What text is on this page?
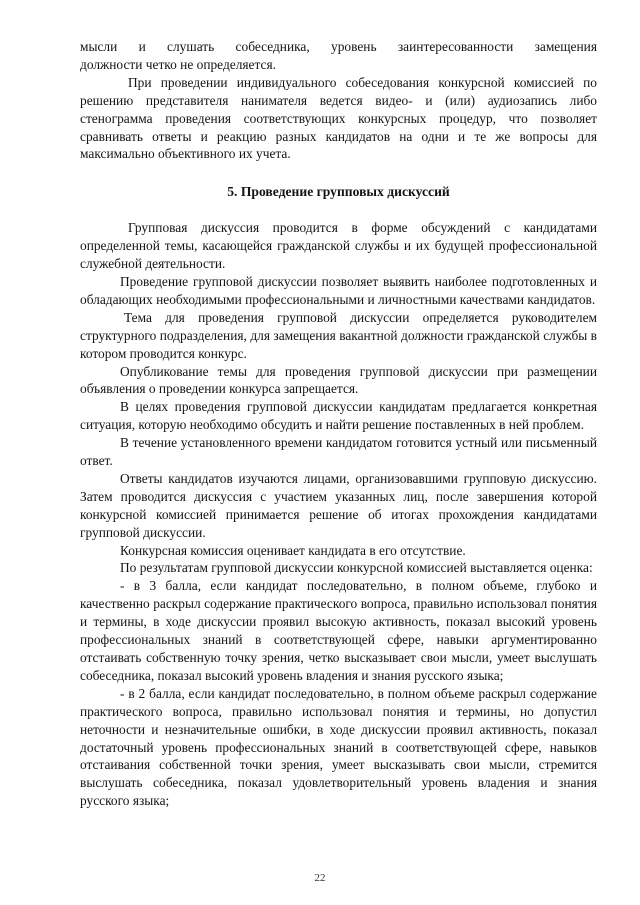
мысли и слушать собеседника, уровень заинтересованности замещения

должности четко не определяется.

При проведении индивидуального собеседования конкурсной комиссией по решению представителя нанимателя ведется видео- и (или) аудиозапись либо стенограмма проведения соответствующих конкурсных процедур, что позволяет сравнивать ответы и реакцию разных кандидатов на одни и те же вопросы для максимально объективного их учета.

5. Проведение групповых дискуссий

Групповая дискуссия проводится в форме обсуждений с кандидатами определенной темы, касающейся гражданской службы и их будущей профессиональной служебной деятельности.

Проведение групповой дискуссии позволяет выявить наиболее подготовленных и обладающих необходимыми профессиональными и личностными качествами кандидатов.

Тема для проведения групповой дискуссии определяется руководителем структурного подразделения, для замещения вакантной должности гражданской службы в котором проводится конкурс.

Опубликование темы для проведения групповой дискуссии при размещении объявления о проведении конкурса запрещается.

В целях проведения групповой дискуссии кандидатам предлагается конкретная ситуация, которую необходимо обсудить и найти решение поставленных в ней проблем.

В течение установленного времени кандидатом готовится устный или письменный ответ.

Ответы кандидатов изучаются лицами, организовавшими групповую дискуссию. Затем проводится дискуссия с участием указанных лиц, после завершения которой конкурсной комиссией принимается решение об итогах прохождения кандидатами групповой дискуссии.

Конкурсная комиссия оценивает кандидата в его отсутствие.

По результатам групповой дискуссии конкурсной комиссией выставляется оценка:

- в 3 балла, если кандидат последовательно, в полном объеме, глубоко и качественно раскрыл содержание практического вопроса, правильно использовал понятия и термины, в ходе дискуссии проявил высокую активность, показал высокий уровень профессиональных знаний в соответствующей сфере, навыки аргументированно отстаивать собственную точку зрения, четко высказывает свои мысли, умеет выслушать собеседника, показал высокий уровень владения и знания русского языка;

- в 2 балла, если кандидат последовательно, в полном объеме раскрыл содержание практического вопроса, правильно использовал понятия и термины, но допустил неточности и незначительные ошибки, в ходе дискуссии проявил активность, показал достаточный уровень профессиональных знаний в соответствующей сфере, навыков отстаивания собственной точки зрения, умеет высказывать свои мысли, стремится выслушать собеседника, показал удовлетворительный уровень владения и знания русского языка;

22
